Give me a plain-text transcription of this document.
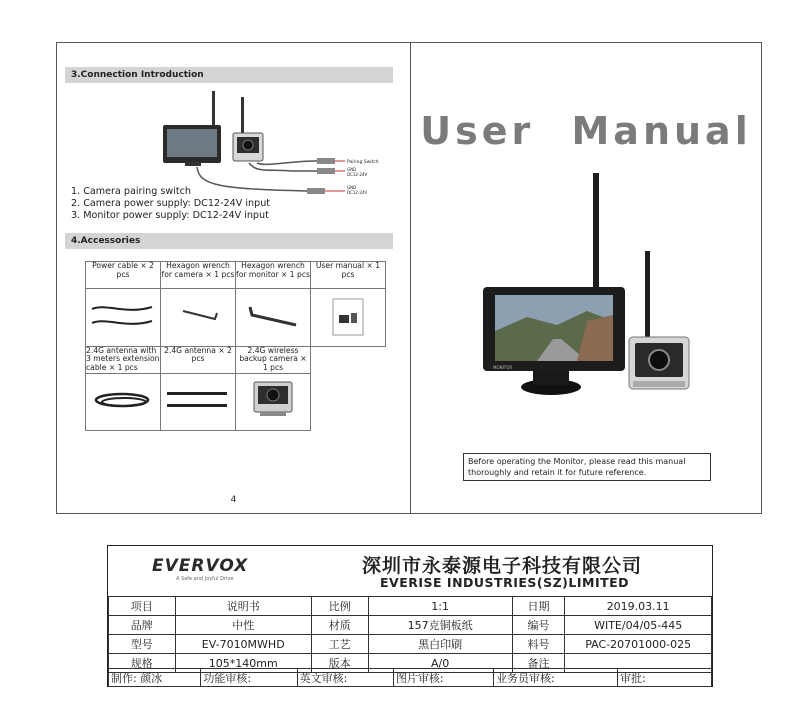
3.Connection Introduction
Pairing Switch
GND
DC12-24V
GND
DC12-24V
1. Camera pairing switch
2. Camera power supply: DC12-24V input
3. Monitor power supply: DC12-24V input
4.Accessories
Power cable × 2 pcs	Hexagon wrench for camera × 1 pcs	Hexagon wrench for monitor × 1 pcs	User manual × 1 pcs

2.4G antenna with 3 meters extension cable × 1 pcs	2.4G antenna × 2 pcs	2.4G wireless backup camera × 1 pcs	

4
User Manual
MONITOR
Before operating the Monitor, please read this manual thoroughly and retain it for future reference.
EVERVOX
A Safe and Joyful Drive
深圳市永泰源电子科技有限公司
EVERISE INDUSTRIES(SZ)LIMITED
项目	说明书	比例	1:1	日期	2019.03.11
品牌	中性	材质	157克铜板纸	编号	WITE/04/05-445
型号	EV-7010MWHD	工艺	黑白印刷	料号	PAC-20701000-025
规格	105*140mm	版本	A/0	备注	
制作: 颜冰	功能审核:	英文审核:	图片审核:	业务员审核:	审批:
